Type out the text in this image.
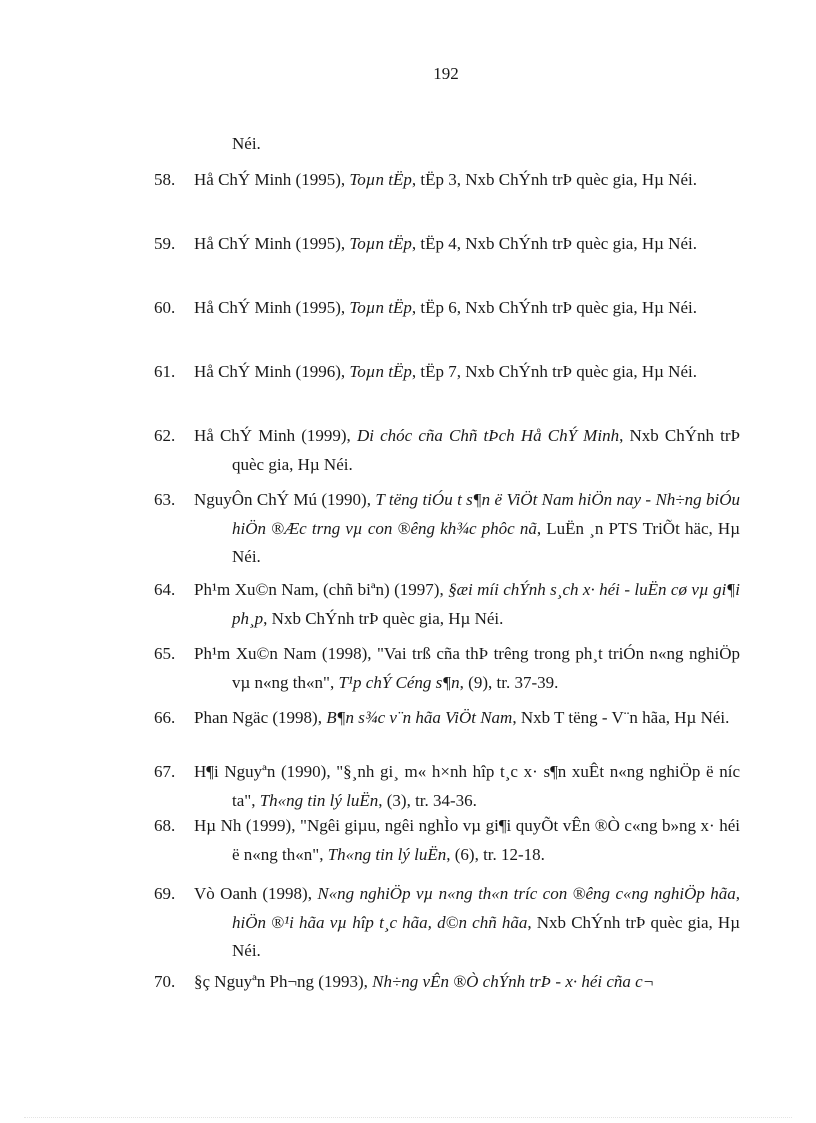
192
Néi.
58.	Hå ChÝ Minh (1995), Toµn tËp, tËp 3, Nxb ChÝnh trÞ quèc gia, Hµ Néi.
59.	Hå ChÝ Minh (1995), Toµn tËp, tËp 4, Nxb ChÝnh trÞ quèc gia, Hµ Néi.
60.	Hå ChÝ Minh (1995), Toµn tËp, tËp 6, Nxb ChÝnh trÞ quèc gia, Hµ Néi.
61.	Hå ChÝ Minh (1996), Toµn tËp, tËp 7, Nxb ChÝnh trÞ quèc gia, Hµ Néi.
62.	Hå ChÝ Minh (1999), Di chóc cña Chñ tÞch Hå ChÝ Minh, Nxb ChÝnh trÞ quèc gia, Hµ Néi.
63.	NguyÔn ChÝ Mú (1990), T tëng tiÓu t s¶n ë ViÖt Nam hiÖn nay - Nh÷ng biÓu hiÖn ®Æc trng vµ con ®êng kh¾c phôc nã, LuËn ¸n PTS TriÕt häc, Hµ Néi.
64.	Ph¹m Xu©n Nam, (chñ biªn) (1997), §æi míi chÝnh s¸ch x· héi - luËn cø vµ gi¶i ph¸p, Nxb ChÝnh trÞ quèc gia, Hµ Néi.
65.	Ph¹m Xu©n Nam (1998), "Vai trß cña thÞ trêng trong ph¸t triÓn n«ng nghiÖp vµ n«ng th«n", T¹p chÝ Céng s¶n, (9), tr. 37-39.
66.	Phan Ngäc (1998), B¶n s¾c v¨n hãa ViÖt Nam, Nxb T tëng - V¨n hãa, Hµ Néi.
67.	H¶i Nguyªn (1990), "§¸nh gi¸ m« h×nh hîp t¸c x· s¶n xuÊt n«ng nghiÖp ë níc ta", Th«ng tin lý luËn, (3), tr. 34-36.
68.	Hµ Nh (1999), "Ngêi giµu, ngêi nghÌo vµ gi¶i quyÕt vÊn ®Ò c«ng b»ng x· héi ë n«ng th«n", Th«ng tin lý luËn, (6), tr. 12-18.
69.	Vò Oanh (1998), N«ng nghiÖp vµ n«ng th«n tríc con ®êng c«ng nghiÖp hãa, hiÖn ®¹i hãa vµ hîp t¸c hãa, d©n chñ hãa, Nxb ChÝnh trÞ quèc gia, Hµ Néi.
70.	§ç Nguyªn Ph¬ng (1993), Nh÷ng vÊn ®Ò chÝnh trÞ - x· héi cña c¬
